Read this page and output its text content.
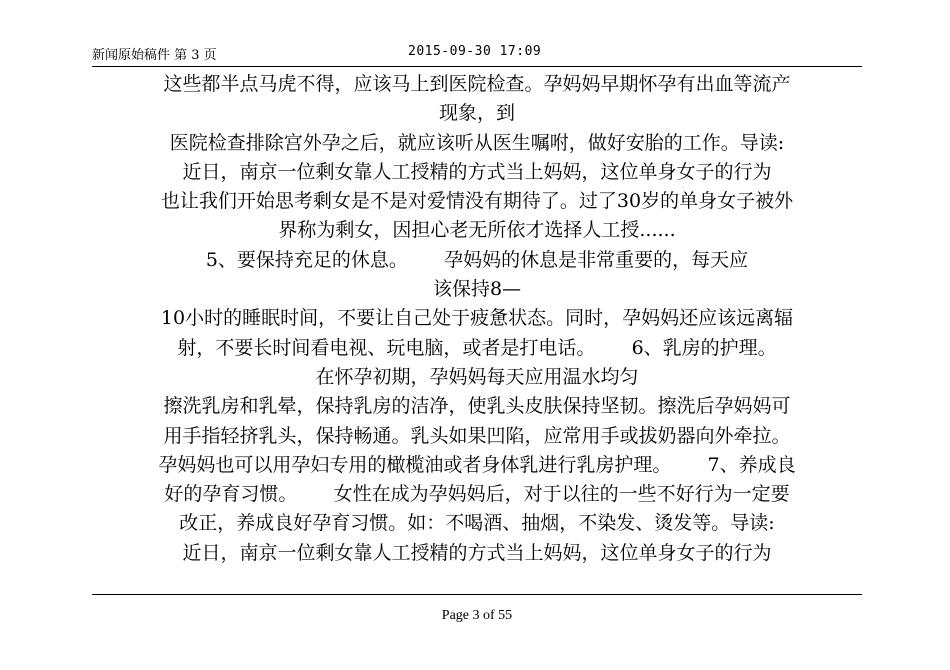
新闻原始稿件 第 3 页	2015-09-30 17:09
这些都半点马虎不得，应该马上到医院检查。孕妈妈早期怀孕有出血等流产
现象，到
医院检查排除宫外孕之后，就应该听从医生嘱咐，做好安胎的工作。导读:
近日，南京一位剩女靠人工授精的方式当上妈妈，这位单身女子的行为
也让我们开始思考剩女是不是对爱情没有期待了。过了30岁的单身女子被外
界称为剩女，因担心老无所依才选择人工授......
5、要保持充足的休息。      孕妈妈的休息是非常重要的，每天应
该保持8—
10小时的睡眠时间，不要让自己处于疲惫状态。同时，孕妈妈还应该远离辐
射，不要长时间看电视、玩电脑，或者是打电话。      6、乳房的护理。
在怀孕初期，孕妈妈每天应用温水均匀
擦洗乳房和乳晕，保持乳房的洁净，使乳头皮肤保持坚韧。擦洗后孕妈妈可
用手指轻挤乳头，保持畅通。乳头如果凹陷，应常用手或拔奶器向外牵拉。
孕妈妈也可以用孕妇专用的橄榄油或者身体乳进行乳房护理。      7、养成良
好的孕育习惯。      女性在成为孕妈妈后，对于以往的一些不好行为一定要
改正，养成良好孕育习惯。如：不喝酒、抽烟，不染发、烫发等。导读:
近日，南京一位剩女靠人工授精的方式当上妈妈，这位单身女子的行为
Page 3 of 55
